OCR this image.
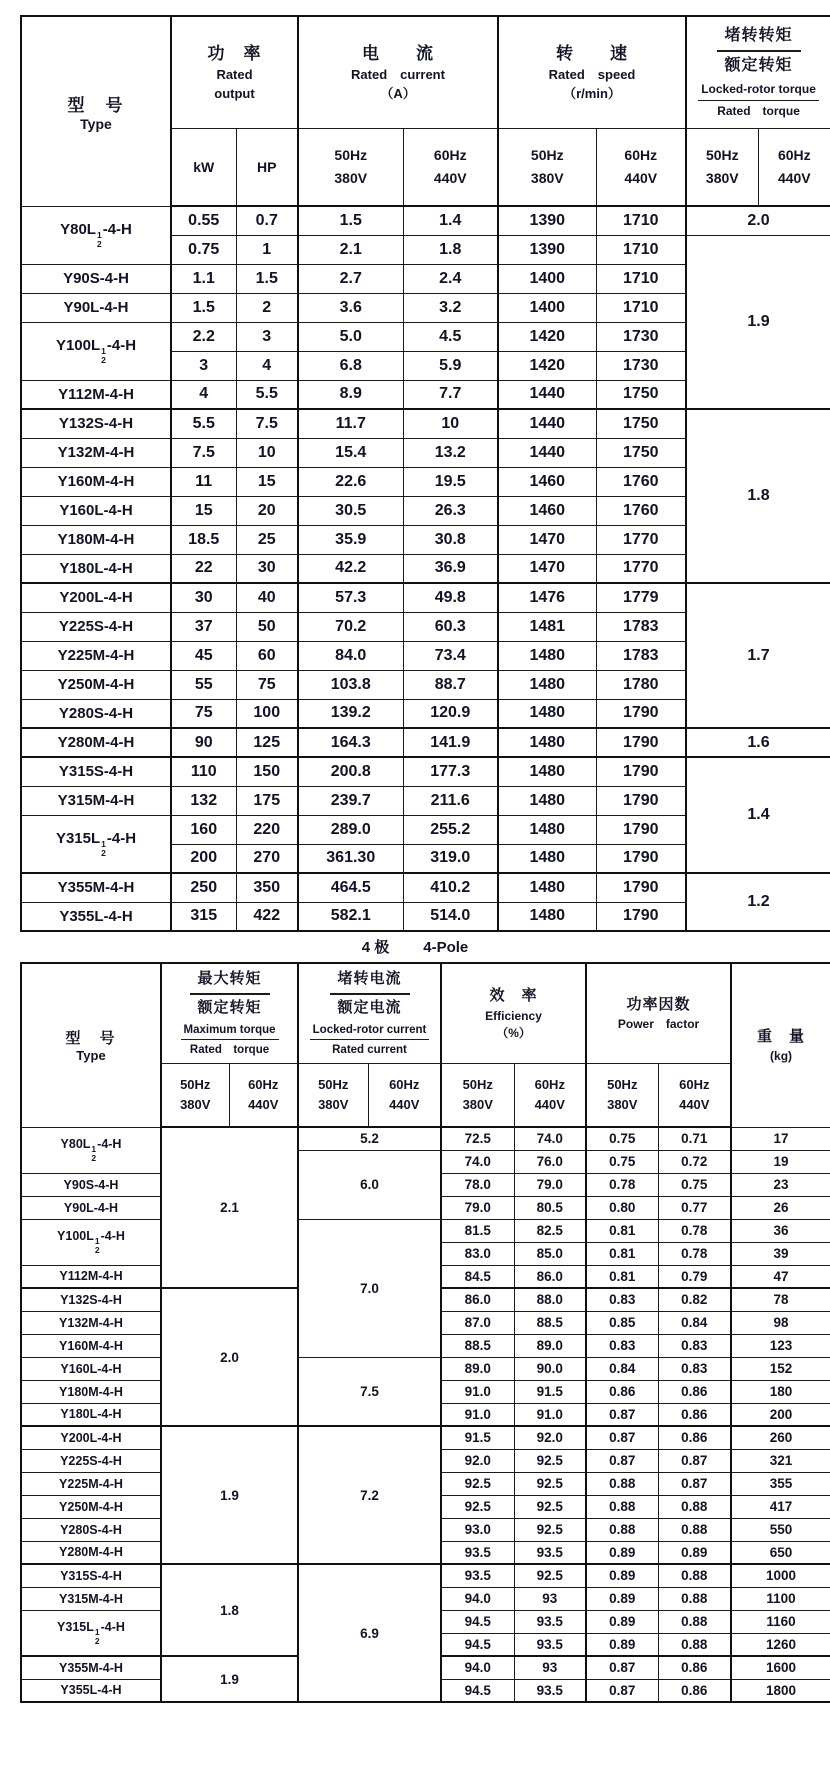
型　号
Type

功　率
Rated
output

电　　流
Rated　current
（A）

转　　速
Rated　speed
（r/min）

堵转转矩
额定转矩
Locked-rotor torque
Rated　torque

kW	HP	
50Hz
380V

60Hz
440V

50Hz
380V

60Hz
440V

50Hz
380V

60Hz
440V

Y80L 1
2
-4-H	0.55	0.7	1.5	1.4	1390	1710	2.0	
	0.75	1	2.1	1.8	1390	1710	1.9	
Y90S-4-H	1.1	1.5	2.7	2.4	1400	1710		
Y90L-4-H	1.5	2	3.6	3.2	1400	1710		
Y100L 1
2
-4-H	2.2	3	5.0	4.5	1420	1730		
	3	4	6.8	5.9	1420	1730		
Y112M-4-H	4	5.5	8.9	7.7	1440	1750		
Y132S-4-H	5.5	7.5	11.7	10	1440	1750	1.8	
Y132M-4-H	7.5	10	15.4	13.2	1440	1750		
Y160M-4-H	11	15	22.6	19.5	1460	1760		
Y160L-4-H	15	20	30.5	26.3	1460	1760		
Y180M-4-H	18.5	25	35.9	30.8	1470	1770		
Y180L-4-H	22	30	42.2	36.9	1470	1770		
Y200L-4-H	30	40	57.3	49.8	1476	1779	1.7	
Y225S-4-H	37	50	70.2	60.3	1481	1783		
Y225M-4-H	45	60	84.0	73.4	1480	1783		
Y250M-4-H	55	75	103.8	88.7	1480	1780		
Y280S-4-H	75	100	139.2	120.9	1480	1790		
Y280M-4-H	90	125	164.3	141.9	1480	1790	1.6	
Y315S-4-H	110	150	200.8	177.3	1480	1790	1.4	
Y315M-4-H	132	175	239.7	211.6	1480	1790		
Y315L 1
2
-4-H	160	220	289.0	255.2	1480	1790		
	200	270	361.30	319.0	1480	1790		
Y355M-4-H	250	350	464.5	410.2	1480	1790	1.2	
Y355L-4-H	315	422	582.1	514.0	1480	1790		
4 极 4-Pole
型　号
Type

最大转矩
额定转矩
Maximum torque
Rated　torque

堵转电流
额定电流
Locked-rotor current
Rated current

效　率
Efficiency
（%）

功率因数
Power　factor

重　量
(kg)

50Hz
380V

60Hz
440V

50Hz
380V

60Hz
440V

50Hz
380V

60Hz
440V

50Hz
380V

60Hz
440V

Y80L 1
2
-4-H	2.1		5.2		72.5	74.0	0.75	0.71	17
			6.0		74.0	76.0	0.75	0.72	19
Y90S-4-H					78.0	79.0	0.78	0.75	23
Y90L-4-H					79.0	80.5	0.80	0.77	26
Y100L 1
2
-4-H			7.0		81.5	82.5	0.81	0.78	36
					83.0	85.0	0.81	0.78	39
Y112M-4-H					84.5	86.0	0.81	0.79	47
Y132S-4-H	2.0				86.0	88.0	0.83	0.82	78
Y132M-4-H					87.0	88.5	0.85	0.84	98
Y160M-4-H					88.5	89.0	0.83	0.83	123
Y160L-4-H			7.5		89.0	90.0	0.84	0.83	152
Y180M-4-H					91.0	91.5	0.86	0.86	180
Y180L-4-H					91.0	91.0	0.87	0.86	200
Y200L-4-H	1.9		7.2		91.5	92.0	0.87	0.86	260
Y225S-4-H					92.0	92.5	0.87	0.87	321
Y225M-4-H					92.5	92.5	0.88	0.87	355
Y250M-4-H					92.5	92.5	0.88	0.88	417
Y280S-4-H					93.0	92.5	0.88	0.88	550
Y280M-4-H					93.5	93.5	0.89	0.89	650
Y315S-4-H	1.8		6.9		93.5	92.5	0.89	0.88	1000
Y315M-4-H					94.0	93	0.89	0.88	1100
Y315L 1
2
-4-H					94.5	93.5	0.89	0.88	1160
					94.5	93.5	0.89	0.88	1260
Y355M-4-H	1.9				94.0	93	0.87	0.86	1600
Y355L-4-H					94.5	93.5	0.87	0.86	1800
